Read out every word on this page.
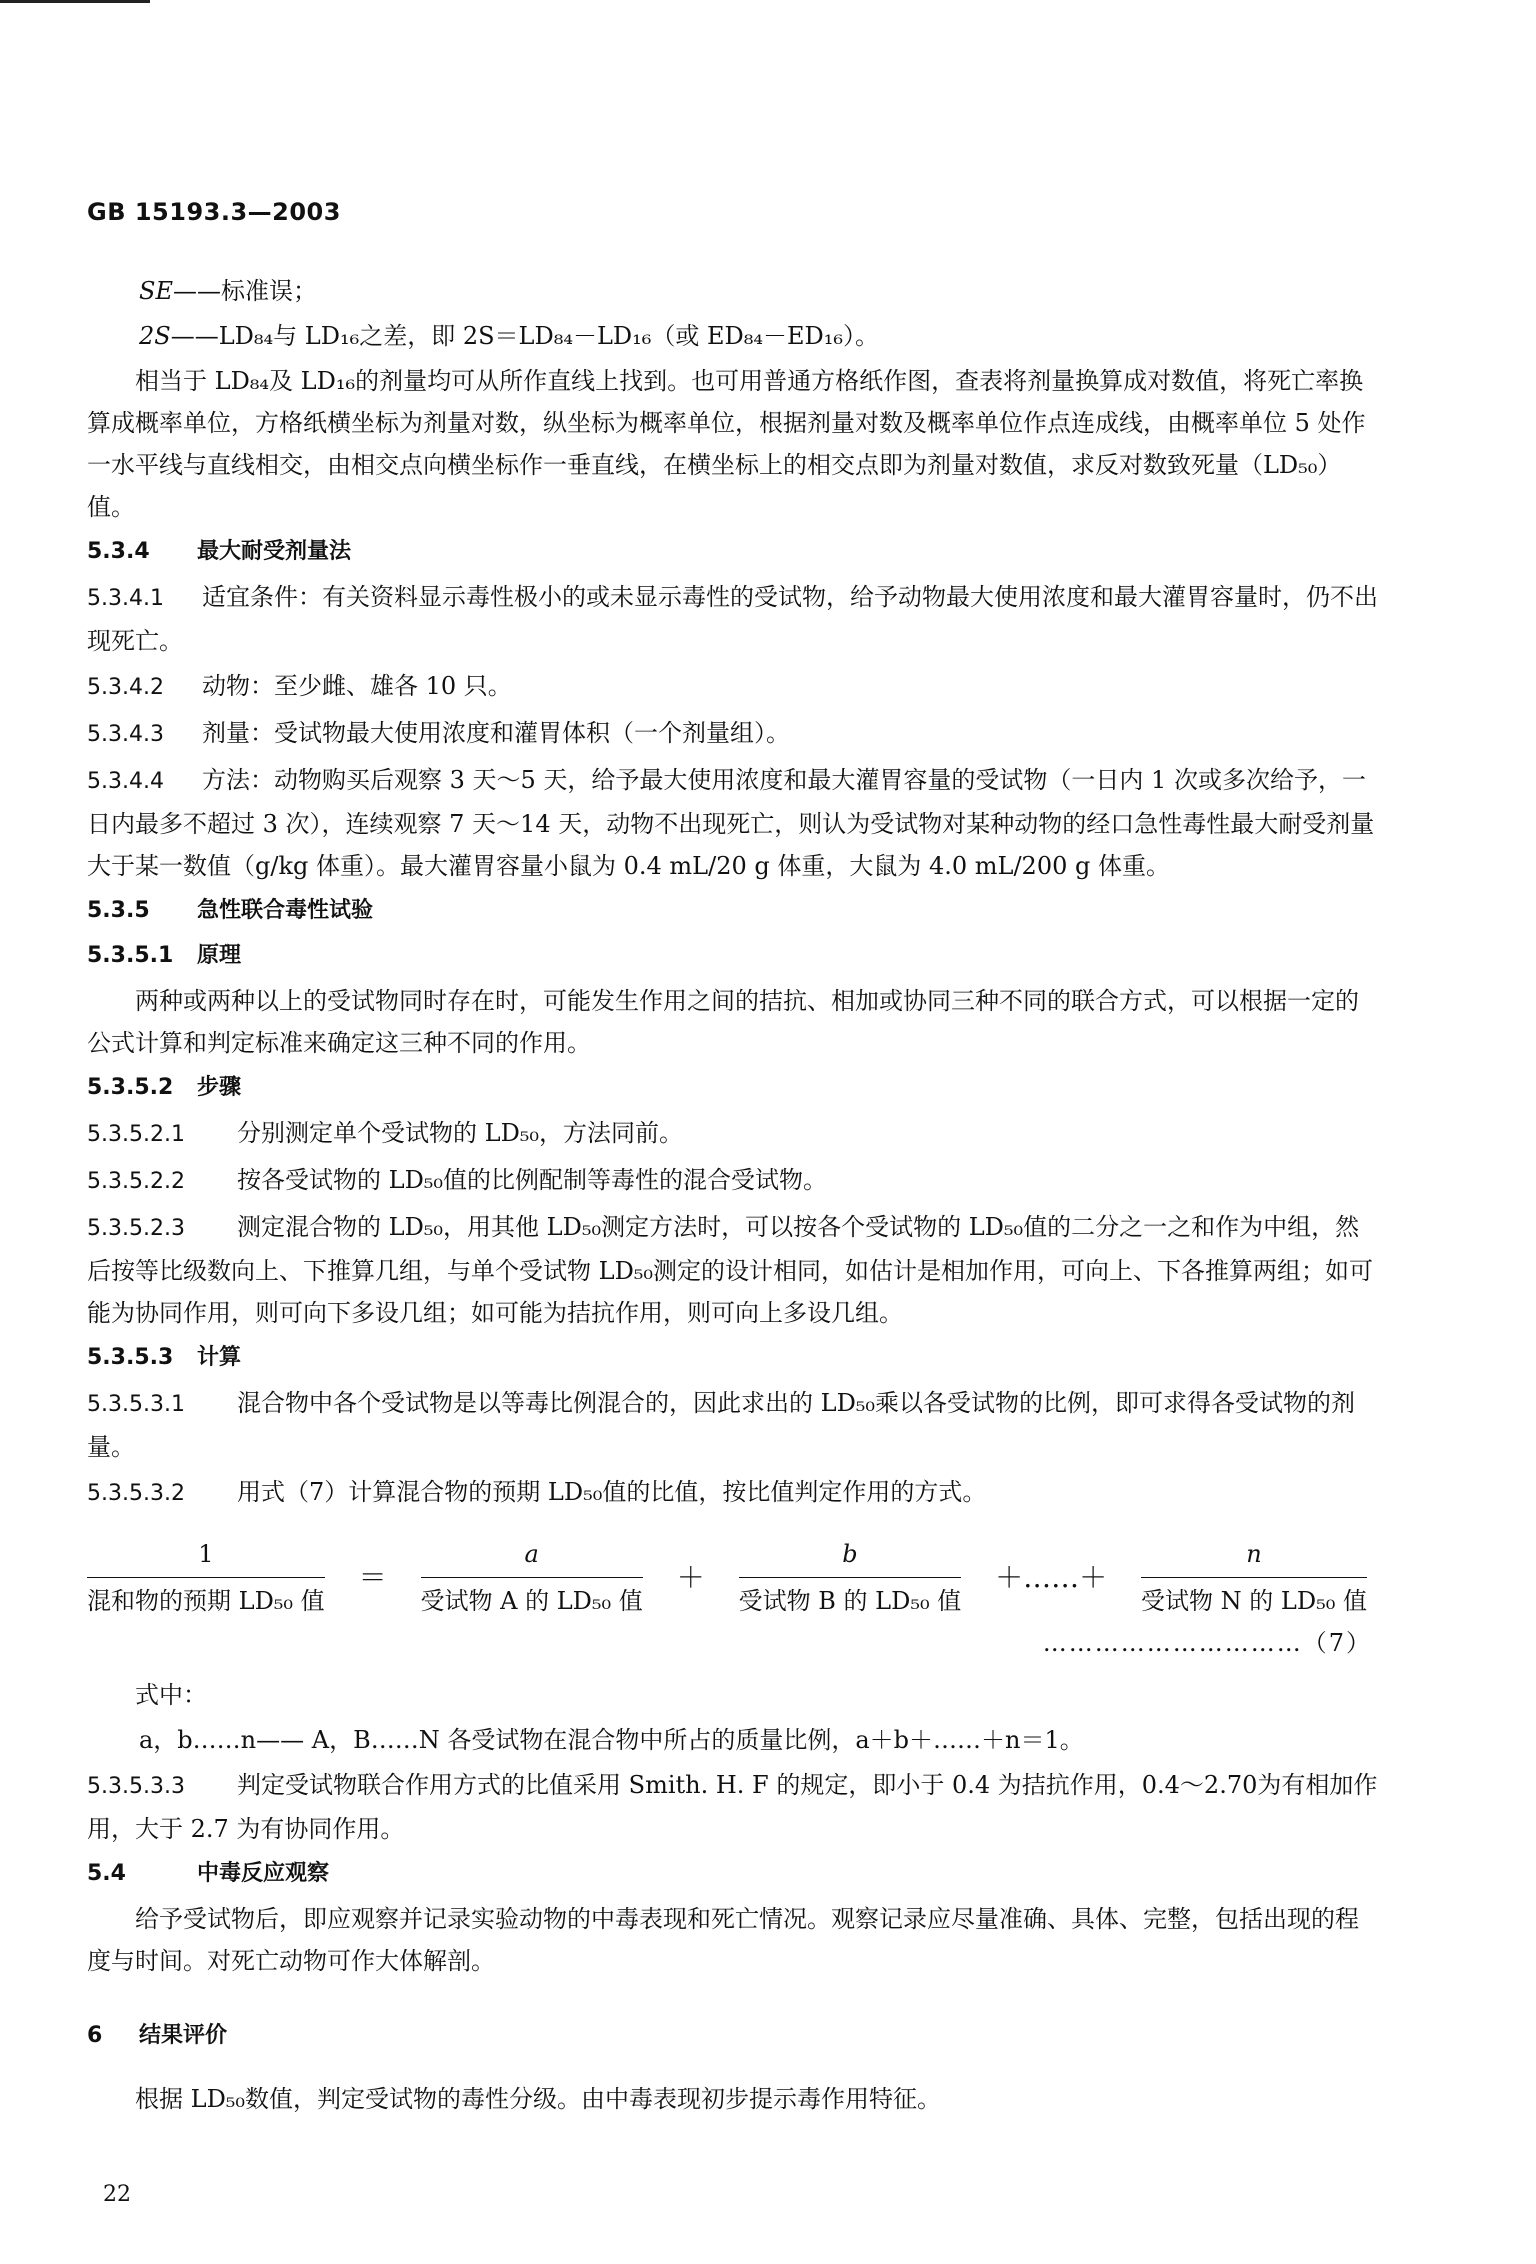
GB 15193.3—2003

SE——标准误；

2S——LD₈₄与 LD₁₆之差，即 2S＝LD₈₄－LD₁₆（或 ED₈₄－ED₁₆）。

相当于 LD₈₄及 LD₁₆的剂量均可从所作直线上找到。也可用普通方格纸作图，查表将剂量换算成对数值，将死亡率换算成概率单位，方格纸横坐标为剂量对数，纵坐标为概率单位，根据剂量对数及概率单位作点连成线，由概率单位 5 处作一水平线与直线相交，由相交点向横坐标作一垂直线，在横坐标上的相交点即为剂量对数值，求反对数致死量（LD₅₀）值。

5.3.4 最大耐受剂量法

5.3.4.1 适宜条件：有关资料显示毒性极小的或未显示毒性的受试物，给予动物最大使用浓度和最大灌胃容量时，仍不出现死亡。

5.3.4.2 动物：至少雌、雄各 10 只。

5.3.4.3 剂量：受试物最大使用浓度和灌胃体积（一个剂量组）。

5.3.4.4 方法：动物购买后观察 3 天～5 天，给予最大使用浓度和最大灌胃容量的受试物（一日内 1 次或多次给予，一日内最多不超过 3 次），连续观察 7 天～14 天，动物不出现死亡，则认为受试物对某种动物的经口急性毒性最大耐受剂量大于某一数值（g/kg 体重）。最大灌胃容量小鼠为 0.4 mL/20 g 体重，大鼠为 4.0 mL/200 g 体重。

5.3.5 急性联合毒性试验
5.3.5.1 原理

两种或两种以上的受试物同时存在时，可能发生作用之间的拮抗、相加或协同三种不同的联合方式，可以根据一定的公式计算和判定标准来确定这三种不同的作用。

5.3.5.2 步骤

5.3.5.2.1 分别测定单个受试物的 LD₅₀，方法同前。

5.3.5.2.2 按各受试物的 LD₅₀值的比例配制等毒性的混合受试物。

5.3.5.2.3 测定混合物的 LD₅₀，用其他 LD₅₀测定方法时，可以按各个受试物的 LD₅₀值的二分之一之和作为中组，然后按等比级数向上、下推算几组，与单个受试物 LD₅₀测定的设计相同，如估计是相加作用，可向上、下各推算两组；如可能为协同作用，则可向下多设几组；如可能为拮抗作用，则可向上多设几组。

5.3.5.3 计算

5.3.5.3.1 混合物中各个受试物是以等毒比例混合的，因此求出的 LD₅₀乘以各受试物的比例，即可求得各受试物的剂量。

5.3.5.3.2 用式（7）计算混合物的预期 LD₅₀值的比值，按比值判定作用的方式。

$\frac{1}{\text{混和物的预期 LD₅₀ 值}}$ ＝	$\frac{a}{\text{受试物 A 的 LD₅₀ 值}}$ ＋	$\frac{b}{\text{受试物 B 的 LD₅₀ 值}}$ ＋……＋	$\frac{n}{\text{受试物 N 的 LD₅₀ 值}}$
…………………………（7）

式中：

a，b……n—— A，B……N 各受试物在混合物中所占的质量比例，a＋b＋……＋n＝1。

5.3.5.3.3 判定受试物联合作用方式的比值采用 Smith. H. F 的规定，即小于 0.4 为拮抗作用，0.4～2.70为有相加作用，大于 2.7 为有协同作用。

5.4	中毒反应观察

给予受试物后，即应观察并记录实验动物的中毒表现和死亡情况。观察记录应尽量准确、具体、完整，包括出现的程度与时间。对死亡动物可作大体解剖。

6 结果评价

根据 LD₅₀数值，判定受试物的毒性分级。由中毒表现初步提示毒作用特征。

22
